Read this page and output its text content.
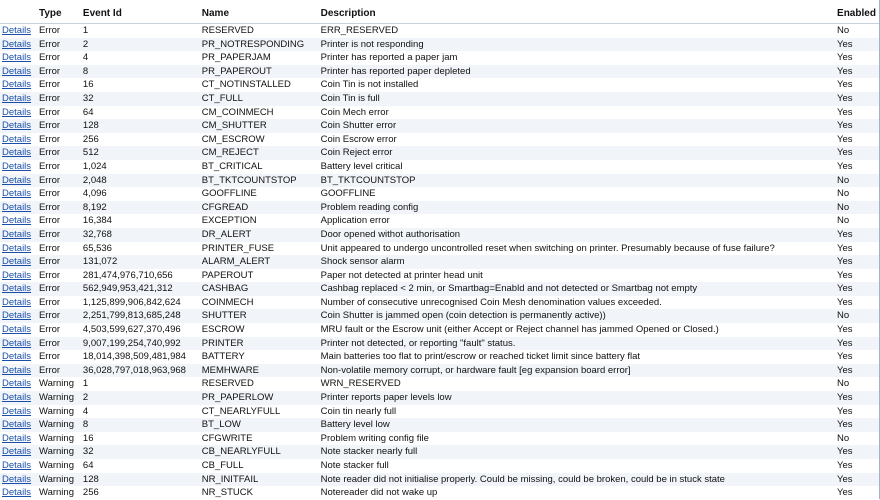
Type	Event Id	Name	Description	Enabled
Details Error	1	RESERVED	ERR_RESERVED	No
Details Error	2	PR_NOTRESPONDING	Printer is not responding	Yes
Details Error	4	PR_PAPERJAM	Printer has reported a paper jam	Yes
Details Error	8	PR_PAPEROUT	Printer has reported paper depleted	Yes
Details Error	16	CT_NOTINSTALLED	Coin Tin is not installed	Yes
Details Error	32	CT_FULL	Coin Tin is full	Yes
Details Error	64	CM_COINMECH	Coin Mech error	Yes
Details Error	128	CM_SHUTTER	Coin Shutter error	Yes
Details Error	256	CM_ESCROW	Coin Escrow error	Yes
Details Error	512	CM_REJECT	Coin Reject error	Yes
Details Error	1,024	BT_CRITICAL	Battery level critical	Yes
Details Error	2,048	BT_TKTCOUNTSTOP	BT_TKTCOUNTSTOP	No
Details Error	4,096	GOOFFLINE	GOOFFLINE	No
Details Error	8,192	CFGREAD	Problem reading config	No
Details Error	16,384	EXCEPTION	Application error	No
Details Error	32,768	DR_ALERT	Door opened withot authorisation	Yes
Details Error	65,536	PRINTER_FUSE	Unit appeared to undergo uncontrolled reset when switching on printer. Presumably because of fuse failure?	Yes
Details Error	131,072	ALARM_ALERT	Shock sensor alarm	Yes
Details Error	281,474,976,710,656	PAPEROUT	Paper not detected at printer head unit	Yes
Details Error	562,949,953,421,312	CASHBAG	Cashbag replaced < 2 min, or Smartbag=Enabld and not detected or Smartbag not empty	Yes
Details Error	1,125,899,906,842,624	COINMECH	Number of consecutive unrecognised Coin Mesh denomination values exceeded.	Yes
Details Error	2,251,799,813,685,248	SHUTTER	Coin Shutter is jammed open (coin detection is permanently active))	No
Details Error	4,503,599,627,370,496	ESCROW	MRU fault or the Escrow unit (either Accept or Reject channel has jammed Opened or Closed.)	Yes
Details Error	9,007,199,254,740,992	PRINTER	Printer not detected, or reporting "fault" status.	Yes
Details Error	18,014,398,509,481,984	BATTERY	Main batteries too flat to print/escrow or reached ticket limit since battery flat	Yes
Details Error	36,028,797,018,963,968	MEMHWARE	Non-volatile memory corrupt, or hardware fault [eg expansion board error]	Yes
Details Warning 1	RESERVED	WRN_RESERVED	No
Details Warning 2	PR_PAPERLOW	Printer reports paper levels low	Yes
Details Warning 4	CT_NEARLYFULL	Coin tin nearly full	Yes
Details Warning 8	BT_LOW	Battery level low	Yes
Details Warning 16	CFGWRITE	Problem writing config file	No
Details Warning 32	CB_NEARLYFULL	Note stacker nearly full	Yes
Details Warning 64	CB_FULL	Note stacker full	Yes
Details Warning 128	NR_INITFAIL	Note reader did not initialise properly. Could be missing, could be broken, could be in stuck state	Yes
Details Warning 256	NR_STUCK	Notereader did not wake up	Yes
